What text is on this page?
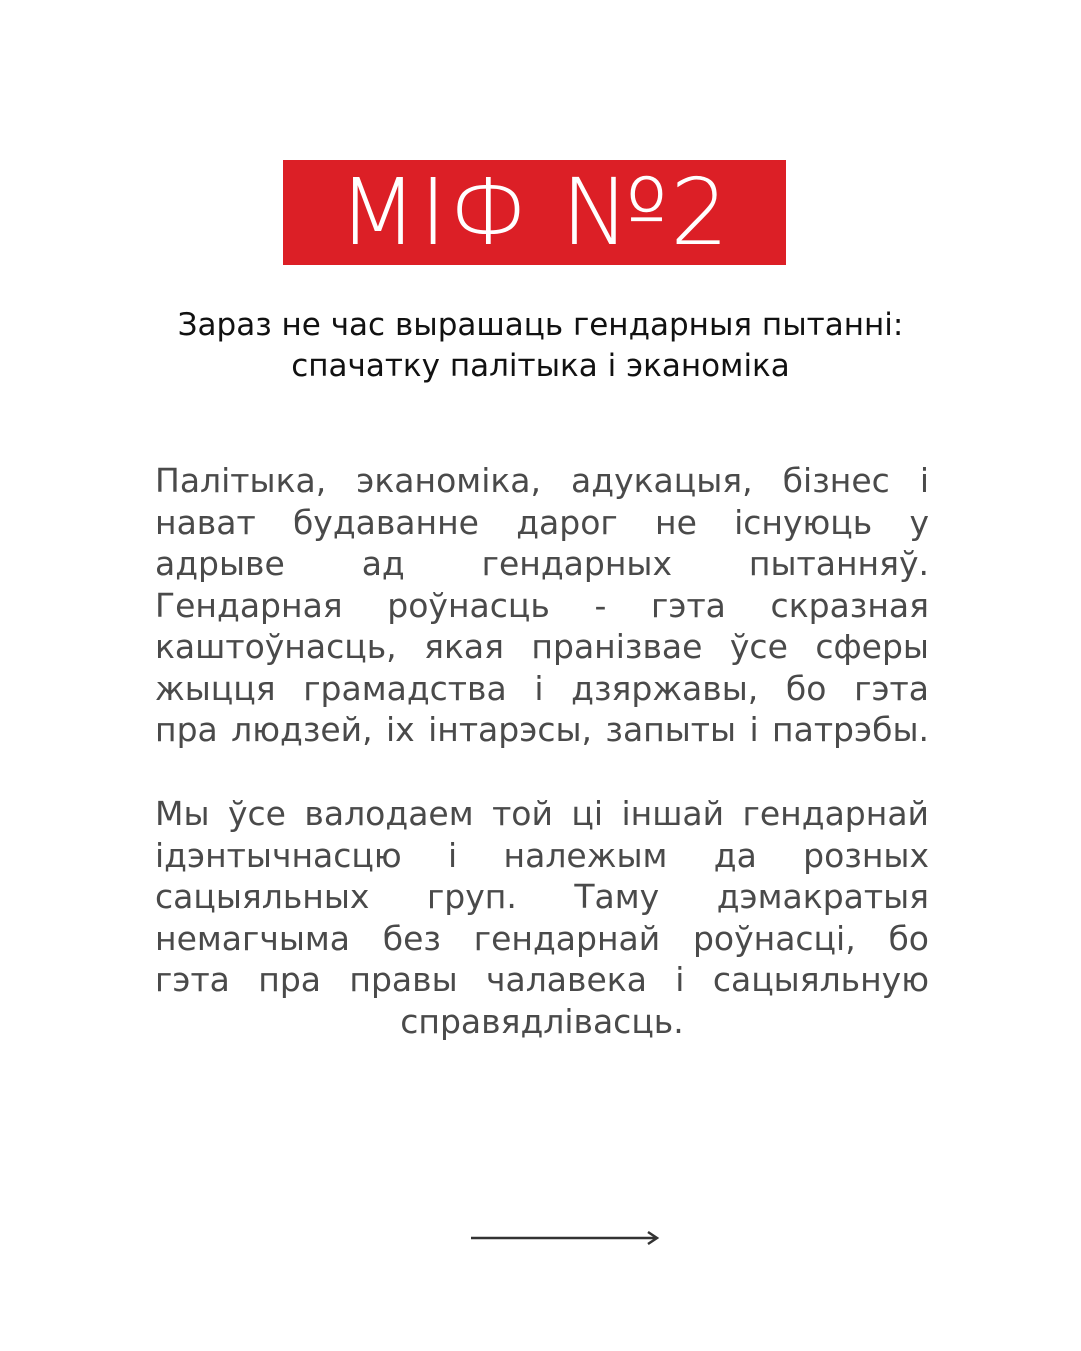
МІФ №2
Зараз не час вырашаць гендарныя пытанні:
спачатку палітыка і эканоміка
Палітыка, эканоміка, адукацыя, бізнес і
нават будаванне дарог не існуюць у
адрыве ад гендарных пытанняў.
Гендарная роўнасць - гэта скразная
каштоўнасць, якая пранізвае ўсе сферы
жыцця грамадства і дзяржавы, бо гэта
пра людзей, іх інтарэсы, запыты і патрэбы.
Мы ўсе валодаем той ці іншай гендарнай
ідэнтычнасцю і належым да розных
сацыяльных груп. Таму дэмакратыя
немагчыма без гендарнай роўнасці, бо
гэта пра правы чалавека і сацыяльную
справядлівасць.
